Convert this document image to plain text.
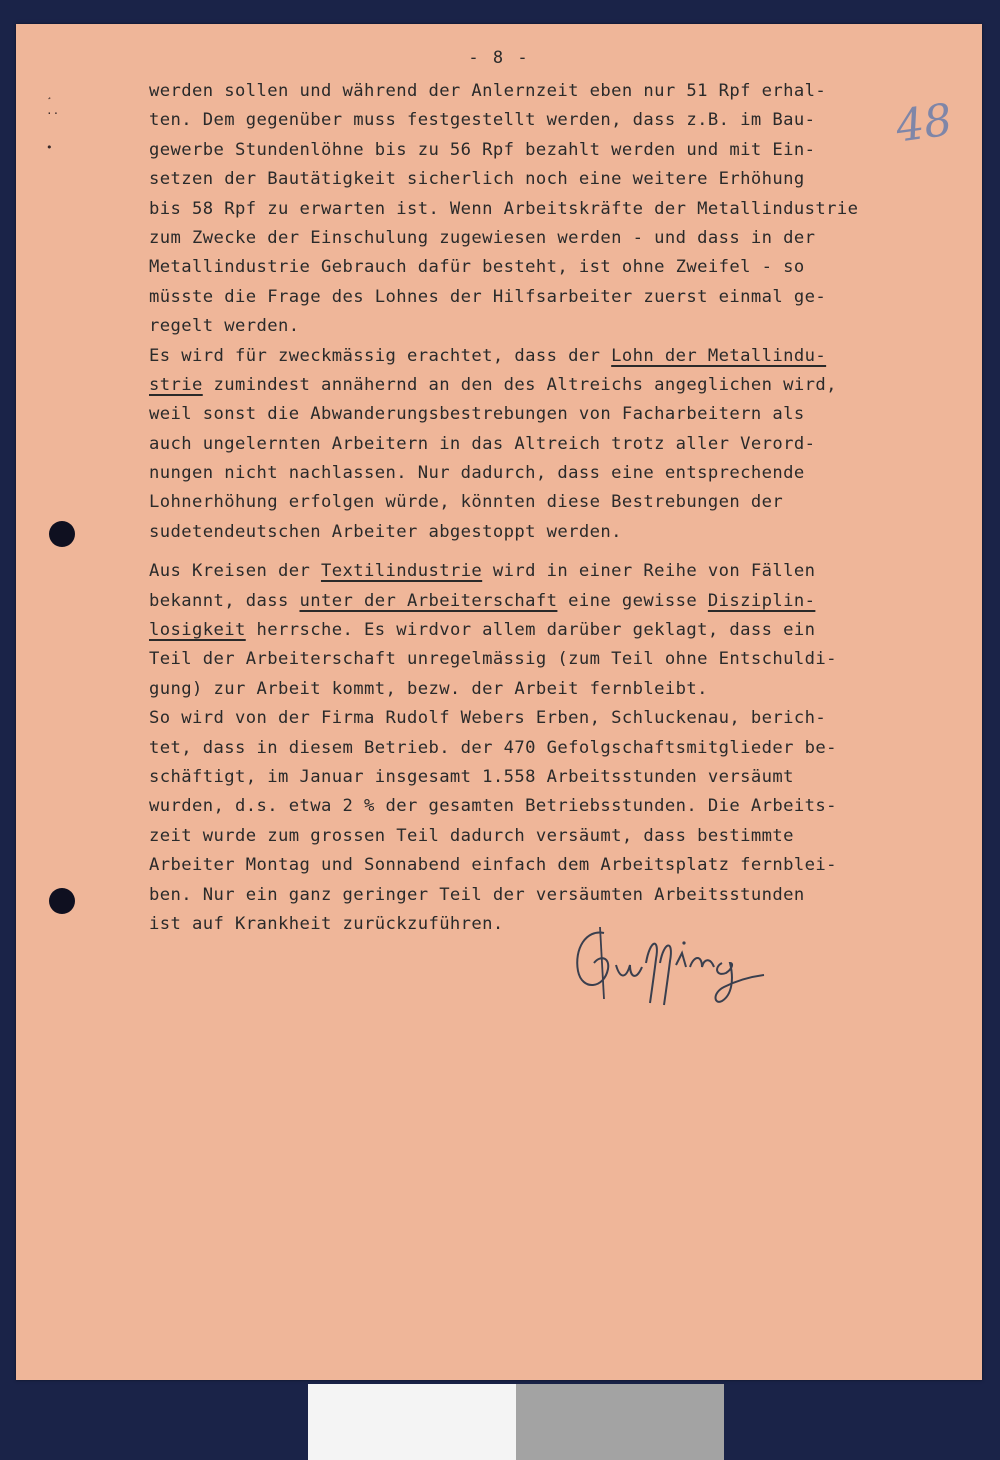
¸
··
•
- 8 -
48
werden sollen und während der Anlernzeit eben nur 51 Rpf erhal-
ten. Dem gegenüber muss festgestellt werden, dass z.B. im Bau-
gewerbe Stundenlöhne bis zu 56 Rpf bezahlt werden und mit Ein-
setzen der Bautätigkeit sicherlich noch eine weitere Erhöhung
bis 58 Rpf zu erwarten ist. Wenn Arbeitskräfte der Metallindustrie
zum Zwecke der Einschulung zugewiesen werden - und dass in der
Metallindustrie Gebrauch dafür besteht, ist ohne Zweifel - so
müsste die Frage des Lohnes der Hilfsarbeiter zuerst einmal ge-
regelt werden.
Es wird für zweckmässig erachtet, dass der Lohn der Metallindu-
strie zumindest annähernd an den des Altreichs angeglichen wird,
weil sonst die Abwanderungsbestrebungen von Facharbeitern als
auch ungelernten Arbeitern in das Altreich trotz aller Verord-
nungen nicht nachlassen. Nur dadurch, dass eine entsprechende
Lohnerhöhung erfolgen würde, könnten diese Bestrebungen der
sudetendeutschen Arbeiter abgestoppt werden.
Aus Kreisen der Textilindustrie wird in einer Reihe von Fällen
bekannt, dass unter der Arbeiterschaft eine gewisse Disziplin-
losigkeit herrsche. Es wirdvor allem darüber geklagt, dass ein
Teil der Arbeiterschaft unregelmässig (zum Teil ohne Entschuldi-
gung) zur Arbeit kommt, bezw. der Arbeit fernbleibt.
So wird von der Firma Rudolf Webers Erben, Schluckenau, berich-
tet, dass in diesem Betrieb. der 470 Gefolgschaftsmitglieder be-
schäftigt, im Januar insgesamt 1.558 Arbeitsstunden versäumt
wurden, d.s. etwa 2 % der gesamten Betriebsstunden. Die Arbeits-
zeit wurde zum grossen Teil dadurch versäumt, dass bestimmte
Arbeiter Montag und Sonnabend einfach dem Arbeitsplatz fernblei-
ben. Nur ein ganz geringer Teil der versäumten Arbeitsstunden
ist auf Krankheit zurückzuführen.
